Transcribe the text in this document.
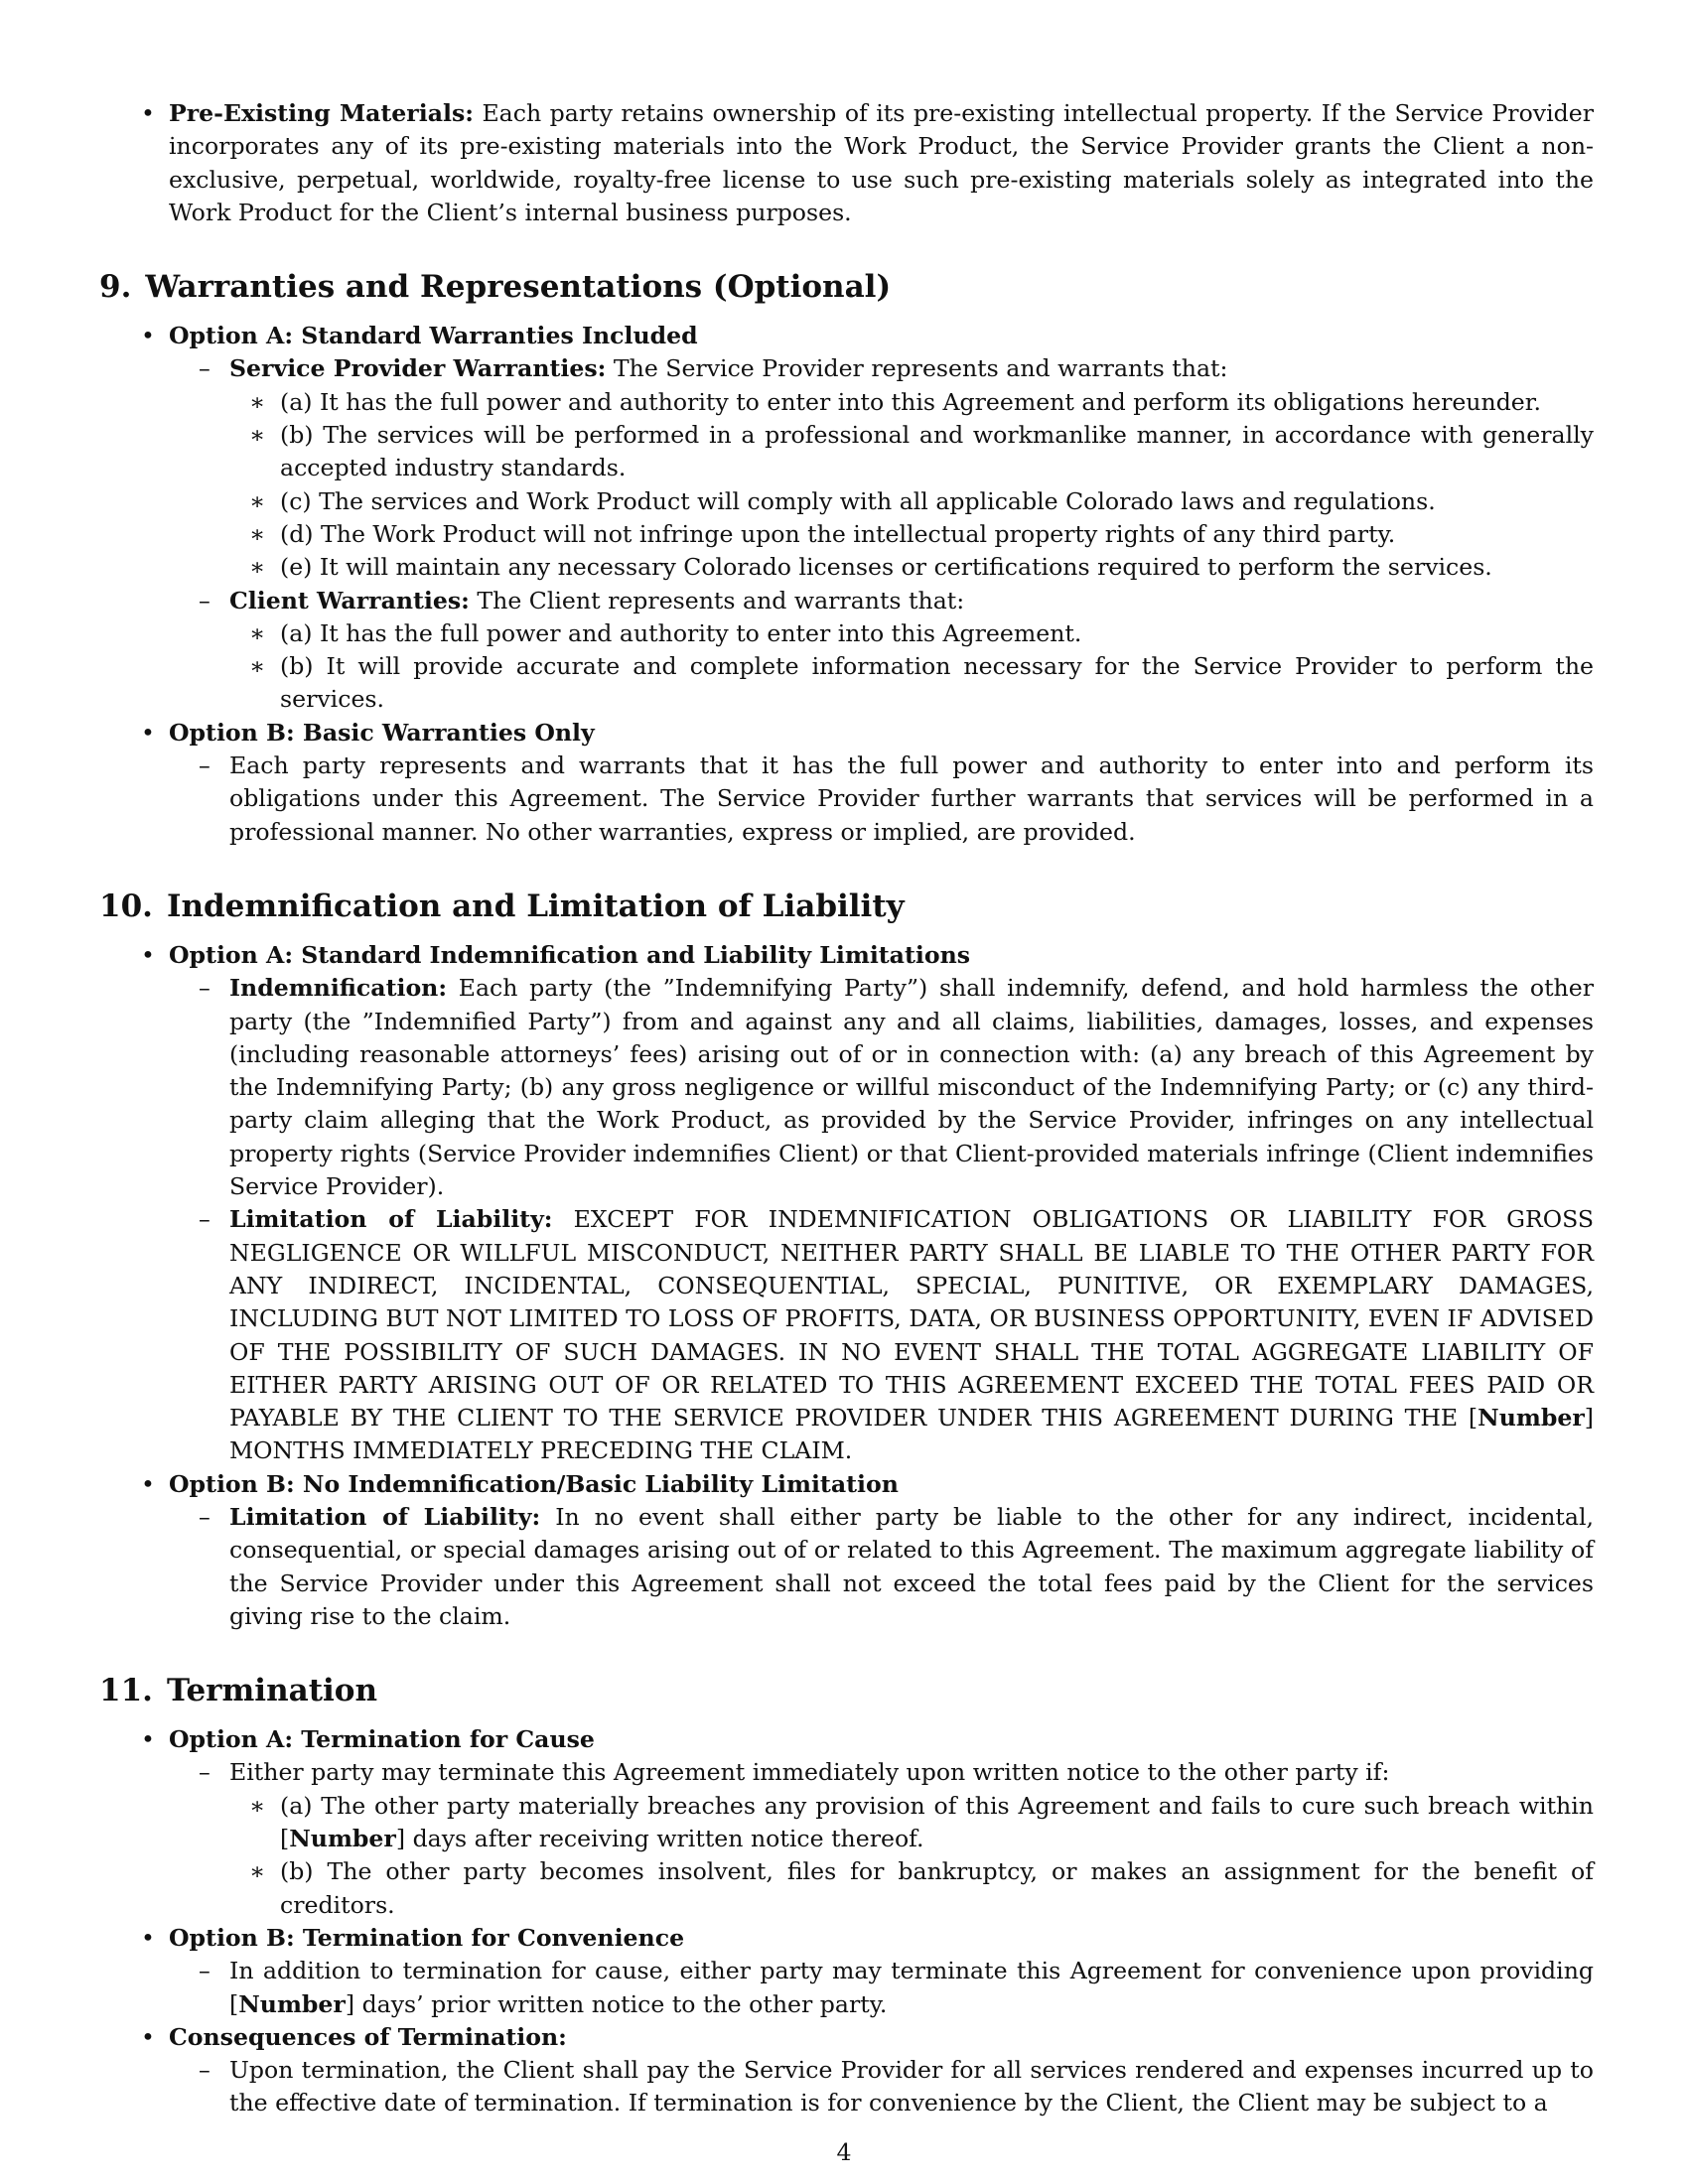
• Pre-Existing Materials: Each party retains ownership of its pre-existing intellectual property. If the Service Provider incorporates any of its pre-existing materials into the Work Product, the Service Provider grants the Client a non-exclusive, perpetual, worldwide, royalty-free license to use such pre-existing materials solely as integrated into the Work Product for the Client’s internal business purposes.
9. Warranties and Representations (Optional)
• Option A: Standard Warranties Included
– Service Provider Warranties: The Service Provider represents and warrants that:
∗ (a) It has the full power and authority to enter into this Agreement and perform its obligations hereunder.
∗ (b) The services will be performed in a professional and workmanlike manner, in accordance with generally accepted industry standards.
∗ (c) The services and Work Product will comply with all applicable Colorado laws and regulations.
∗ (d) The Work Product will not infringe upon the intellectual property rights of any third party.
∗ (e) It will maintain any necessary Colorado licenses or certifications required to perform the services.
– Client Warranties: The Client represents and warrants that:
∗ (a) It has the full power and authority to enter into this Agreement.
∗ (b) It will provide accurate and complete information necessary for the Service Provider to perform the services.
• Option B: Basic Warranties Only
– Each party represents and warrants that it has the full power and authority to enter into and perform its obligations under this Agreement. The Service Provider further warrants that services will be performed in a professional manner. No other warranties, express or implied, are provided.
10. Indemnification and Limitation of Liability
• Option A: Standard Indemnification and Liability Limitations
– Indemnification: Each party (the ”Indemnifying Party”) shall indemnify, defend, and hold harmless the other party (the ”Indemnified Party”) from and against any and all claims, liabilities, damages, losses, and expenses (including reasonable attorneys’ fees) arising out of or in connection with: (a) any breach of this Agreement by the Indemnifying Party; (b) any gross negligence or willful misconduct of the Indemnifying Party; or (c) any third-party claim alleging that the Work Product, as provided by the Service Provider, infringes on any intellectual property rights (Service Provider indemnifies Client) or that Client-provided materials infringe (Client indemnifies Service Provider).
– Limitation of Liability: EXCEPT FOR INDEMNIFICATION OBLIGATIONS OR LIABILITY FOR GROSS NEGLIGENCE OR WILLFUL MISCONDUCT, NEITHER PARTY SHALL BE LIABLE TO THE OTHER PARTY FOR ANY INDIRECT, INCIDENTAL, CONSEQUENTIAL, SPECIAL, PUNITIVE, OR EXEMPLARY DAMAGES, INCLUDING BUT NOT LIMITED TO LOSS OF PROFITS, DATA, OR BUSINESS OPPORTUNITY, EVEN IF ADVISED OF THE POSSIBILITY OF SUCH DAMAGES. IN NO EVENT SHALL THE TOTAL AGGREGATE LIABILITY OF EITHER PARTY ARISING OUT OF OR RELATED TO THIS AGREEMENT EXCEED THE TOTAL FEES PAID OR PAYABLE BY THE CLIENT TO THE SERVICE PROVIDER UNDER THIS AGREEMENT DURING THE [Number] MONTHS IMMEDIATELY PRECEDING THE CLAIM.
• Option B: No Indemnification/Basic Liability Limitation
– Limitation of Liability: In no event shall either party be liable to the other for any indirect, incidental, consequential, or special damages arising out of or related to this Agreement. The maximum aggregate liability of the Service Provider under this Agreement shall not exceed the total fees paid by the Client for the services giving rise to the claim.
11. Termination
• Option A: Termination for Cause
– Either party may terminate this Agreement immediately upon written notice to the other party if:
∗ (a) The other party materially breaches any provision of this Agreement and fails to cure such breach within [Number] days after receiving written notice thereof.
∗ (b) The other party becomes insolvent, files for bankruptcy, or makes an assignment for the benefit of creditors.
• Option B: Termination for Convenience
– In addition to termination for cause, either party may terminate this Agreement for convenience upon providing [Number] days’ prior written notice to the other party.
• Consequences of Termination:
– Upon termination, the Client shall pay the Service Provider for all services rendered and expenses incurred up to the effective date of termination. If termination is for convenience by the Client, the Client may be subject to a
4
